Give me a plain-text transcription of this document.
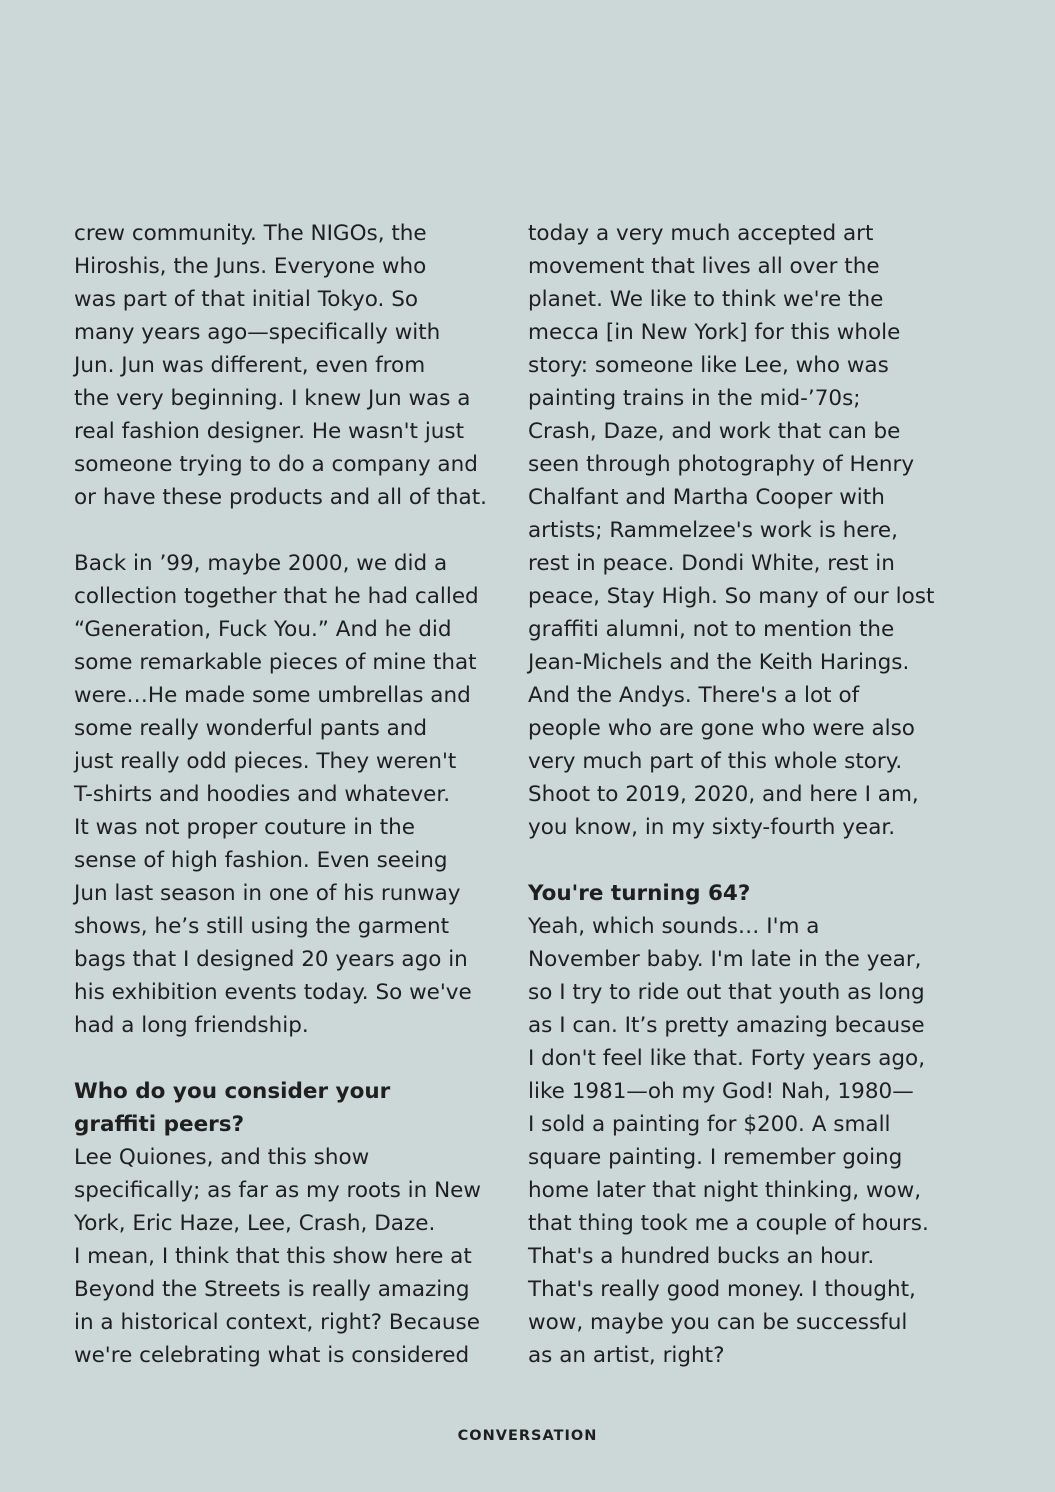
crew community. The NIGOs, the
Hiroshis, the Juns. Everyone who
was part of that initial Tokyo. So
many years ago—specifically with
Jun. Jun was different, even from
the very beginning. I knew Jun was a
real fashion designer. He wasn't just
someone trying to do a company and
or have these products and all of that.
Back in ’99, maybe 2000, we did a
collection together that he had called
“Generation, Fuck You.” And he did
some remarkable pieces of mine that
were…He made some umbrellas and
some really wonderful pants and
just really odd pieces. They weren't
T-shirts and hoodies and whatever.
It was not proper couture in the
sense of high fashion. Even seeing
Jun last season in one of his runway
shows, he’s still using the garment
bags that I designed 20 years ago in
his exhibition events today. So we've
had a long friendship.
Who do you consider your
graffiti peers?
Lee Quiones, and this show
specifically; as far as my roots in New
York, Eric Haze, Lee, Crash, Daze.
I mean, I think that this show here at
Beyond the Streets is really amazing
in a historical context, right? Because
we're celebrating what is considered
today a very much accepted art
movement that lives all over the
planet. We like to think we're the
mecca [in New York] for this whole
story: someone like Lee, who was
painting trains in the mid-’70s;
Crash, Daze, and work that can be
seen through photography of Henry
Chalfant and Martha Cooper with
artists; Rammelzee's work is here,
rest in peace. Dondi White, rest in
peace, Stay High. So many of our lost
graffiti alumni, not to mention the
Jean-Michels and the Keith Harings.
And the Andys. There's a lot of
people who are gone who were also
very much part of this whole story.
Shoot to 2019, 2020, and here I am,
you know, in my sixty-fourth year.
You're turning 64?
Yeah, which sounds… I'm a
November baby. I'm late in the year,
so I try to ride out that youth as long
as I can. It’s pretty amazing because
I don't feel like that. Forty years ago,
like 1981—oh my God! Nah, 1980—
I sold a painting for $200. A small
square painting. I remember going
home later that night thinking, wow,
that thing took me a couple of hours.
That's a hundred bucks an hour.
That's really good money. I thought,
wow, maybe you can be successful
as an artist, right?
CONVERSATION
